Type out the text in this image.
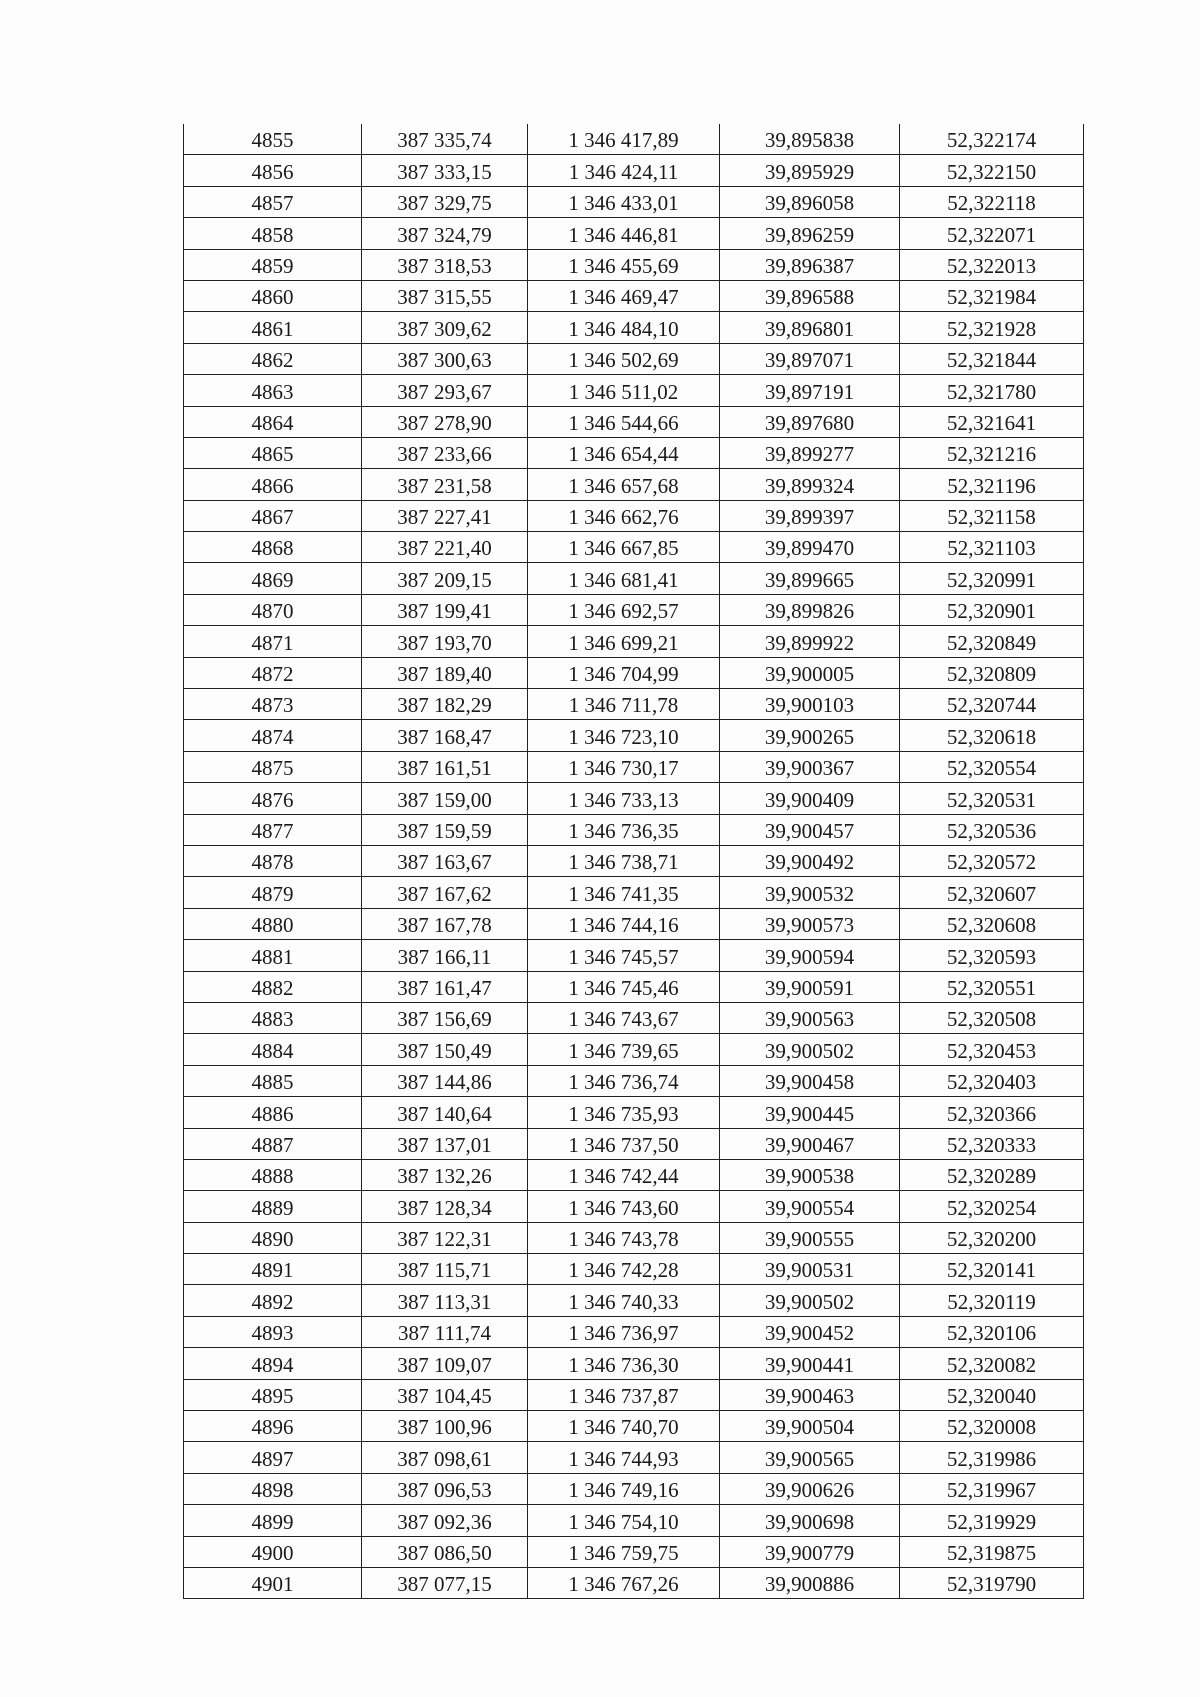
4855	387 335,74	1 346 417,89	39,895838	52,322174
4856	387 333,15	1 346 424,11	39,895929	52,322150
4857	387 329,75	1 346 433,01	39,896058	52,322118
4858	387 324,79	1 346 446,81	39,896259	52,322071
4859	387 318,53	1 346 455,69	39,896387	52,322013
4860	387 315,55	1 346 469,47	39,896588	52,321984
4861	387 309,62	1 346 484,10	39,896801	52,321928
4862	387 300,63	1 346 502,69	39,897071	52,321844
4863	387 293,67	1 346 511,02	39,897191	52,321780
4864	387 278,90	1 346 544,66	39,897680	52,321641
4865	387 233,66	1 346 654,44	39,899277	52,321216
4866	387 231,58	1 346 657,68	39,899324	52,321196
4867	387 227,41	1 346 662,76	39,899397	52,321158
4868	387 221,40	1 346 667,85	39,899470	52,321103
4869	387 209,15	1 346 681,41	39,899665	52,320991
4870	387 199,41	1 346 692,57	39,899826	52,320901
4871	387 193,70	1 346 699,21	39,899922	52,320849
4872	387 189,40	1 346 704,99	39,900005	52,320809
4873	387 182,29	1 346 711,78	39,900103	52,320744
4874	387 168,47	1 346 723,10	39,900265	52,320618
4875	387 161,51	1 346 730,17	39,900367	52,320554
4876	387 159,00	1 346 733,13	39,900409	52,320531
4877	387 159,59	1 346 736,35	39,900457	52,320536
4878	387 163,67	1 346 738,71	39,900492	52,320572
4879	387 167,62	1 346 741,35	39,900532	52,320607
4880	387 167,78	1 346 744,16	39,900573	52,320608
4881	387 166,11	1 346 745,57	39,900594	52,320593
4882	387 161,47	1 346 745,46	39,900591	52,320551
4883	387 156,69	1 346 743,67	39,900563	52,320508
4884	387 150,49	1 346 739,65	39,900502	52,320453
4885	387 144,86	1 346 736,74	39,900458	52,320403
4886	387 140,64	1 346 735,93	39,900445	52,320366
4887	387 137,01	1 346 737,50	39,900467	52,320333
4888	387 132,26	1 346 742,44	39,900538	52,320289
4889	387 128,34	1 346 743,60	39,900554	52,320254
4890	387 122,31	1 346 743,78	39,900555	52,320200
4891	387 115,71	1 346 742,28	39,900531	52,320141
4892	387 113,31	1 346 740,33	39,900502	52,320119
4893	387 111,74	1 346 736,97	39,900452	52,320106
4894	387 109,07	1 346 736,30	39,900441	52,320082
4895	387 104,45	1 346 737,87	39,900463	52,320040
4896	387 100,96	1 346 740,70	39,900504	52,320008
4897	387 098,61	1 346 744,93	39,900565	52,319986
4898	387 096,53	1 346 749,16	39,900626	52,319967
4899	387 092,36	1 346 754,10	39,900698	52,319929
4900	387 086,50	1 346 759,75	39,900779	52,319875
4901	387 077,15	1 346 767,26	39,900886	52,319790
